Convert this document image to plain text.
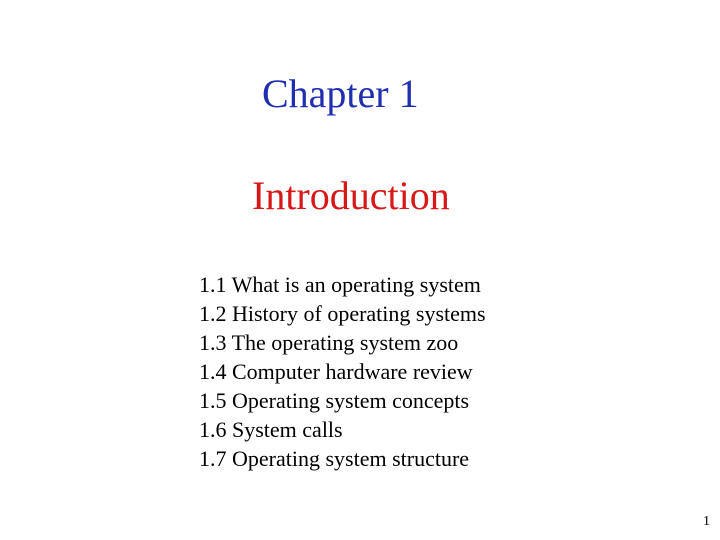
Chapter 1
Introduction
1.1 What is an operating system
1.2 History of operating systems
1.3 The operating system zoo
1.4 Computer hardware review
1.5 Operating system concepts
1.6 System calls
1.7 Operating system structure
1
